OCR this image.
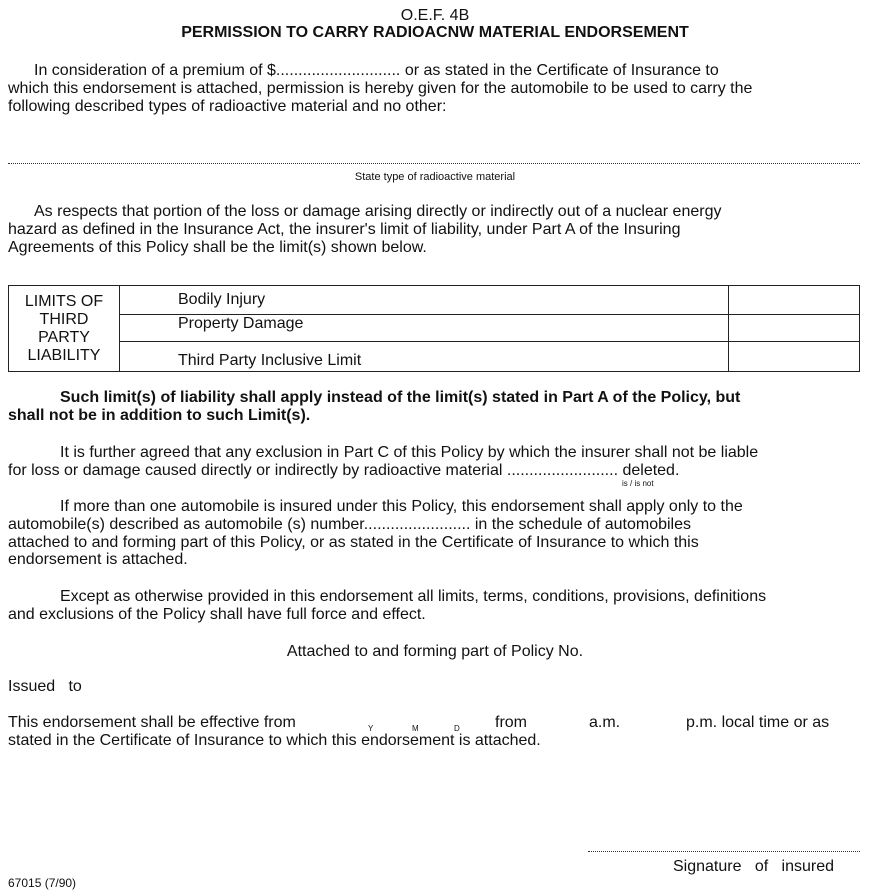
O.E.F. 4B
PERMISSION TO CARRY RADIOACNW MATERIAL ENDORSEMENT
In consideration of a premium of $............................ or as stated in the Certificate of Insurance to
which this endorsement is attached, permission is hereby given for the automobile to be used to carry the
following described types of radioactive material and no other:
State type of radioactive material
As respects that portion of the loss or damage arising directly or indirectly out of a nuclear energy
hazard as defined in the Insurance Act, the insurer's limit of liability, under Part A of the Insuring
Agreements of this Policy shall be the limit(s) shown below.
LIMITS OF
THIRD
PARTY
LIABILITY	Bodily Injury	
	Property Damage	
	Third Party Inclusive Limit	
Such limit(s) of liability shall apply instead of the limit(s) stated in Part A of the Policy, but
shall not be in addition to such Limit(s).
It is further agreed that any exclusion in Part C of this Policy by which the insurer shall not be liable
for loss or damage caused directly or indirectly by radioactive material ......................... deleted.
is / is not
If more than one automobile is insured under this Policy, this endorsement shall apply only to the
automobile(s) described as automobile (s) number........................ in the schedule of automobiles
attached to and forming part of this Policy, or as stated in the Certificate of Insurance to which this
endorsement is attached.
Except as otherwise provided in this endorsement all limits, terms, conditions, provisions, definitions
and exclusions of the Policy shall have full force and effect.
Attached to and forming part of Policy No.
Issued   to
This endorsement shall be effective from	Y	M	D from	a.m.	p.m. local time or as
stated in the Certificate of Insurance to which this endorsement is attached.
Signature   of   insured
67015 (7/90)
